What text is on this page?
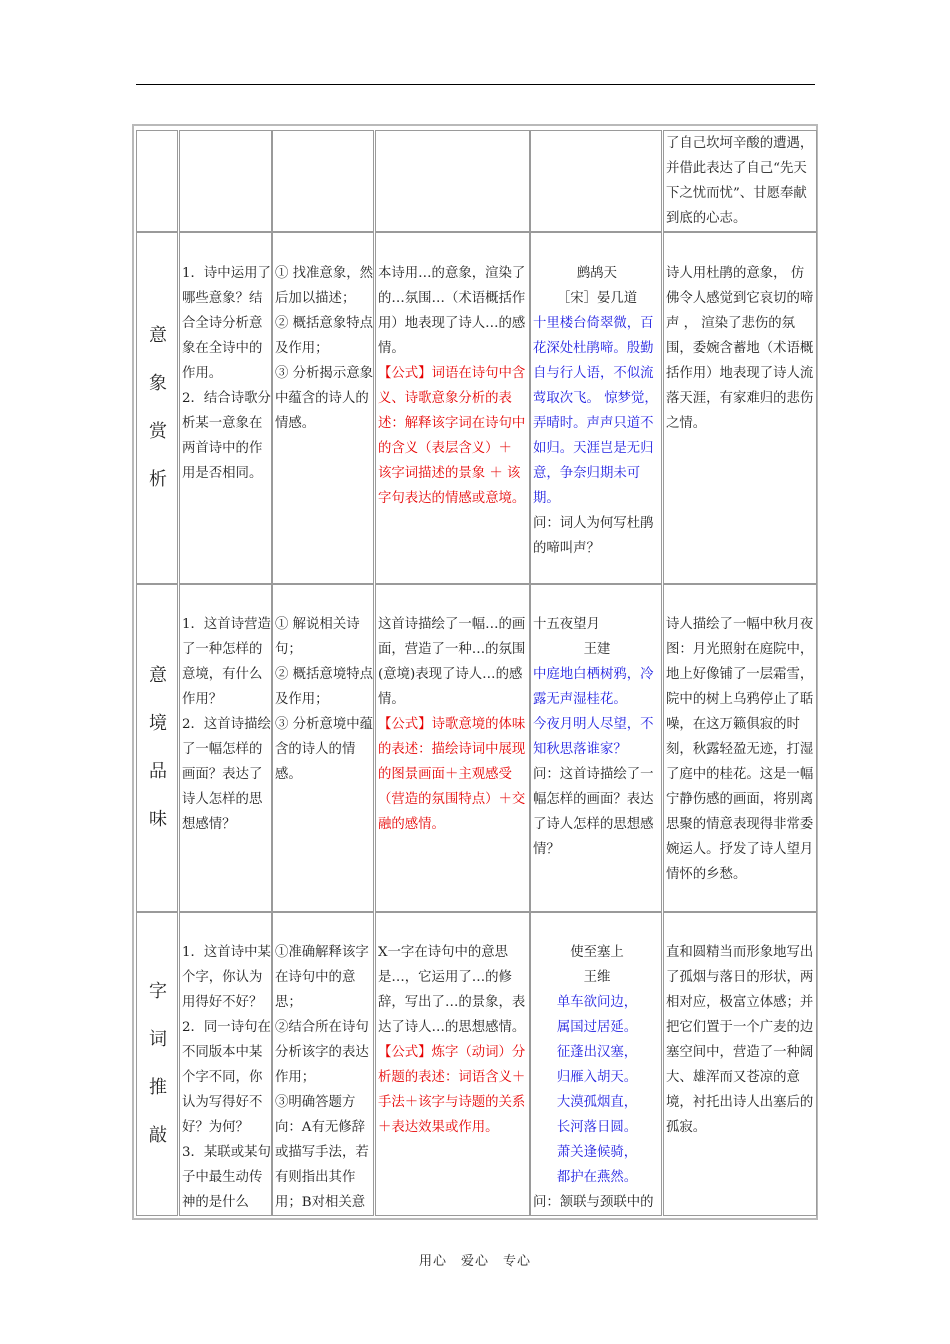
了自己坎坷辛酸的遭遇，并借此表达了自己“先天下之忧而忧”、甘愿奉献到底的心志。

意
象
赏
析

1．诗中运用了哪些意象？结合全诗分析意象在全诗中的作用。

2．结合诗歌分析某一意象在两首诗中的作用是否相同。

① 找准意象，然后加以描述；

② 概括意象特点及作用；

③ 分析揭示意象中蕴含的诗人的情感。

本诗用…的意象，渲染了的…氛围…（术语概括作用）地表现了诗人…的感情。

【公式】词语在诗句中含义、诗歌意象分析的表述：解释该字词在诗句中的含义（表层含义）＋ 该字词描述的景象 ＋ 该字句表达的情感或意境。

鹧鸪天

［宋］晏几道

十里楼台倚翠微，百花深处杜鹃啼。殷勤自与行人语，不似流莺取次飞。 惊梦觉，弄晴时。声声只道不如归。天涯岂是无归意，争奈归期未可期。

问：词人为何写杜鹃的啼叫声？

诗人用杜鹃的意象， 仿佛令人感觉到它哀切的啼声 ， 渲染了悲伤的氛围，委婉含蓄地（术语概括作用）地表现了诗人流落天涯，有家难归的悲伤之情。

意
境
品
味

1．这首诗营造了一种怎样的意境，有什么作用？

2．这首诗描绘了一幅怎样的画面？表达了诗人怎样的思想感情？

① 解说相关诗句；

② 概括意境特点及作用；

③ 分析意境中蕴含的诗人的情感。

这首诗描绘了一幅…的画面，营造了一种…的氛围(意境)表现了诗人…的感情。

【公式】诗歌意境的体味的表述：描绘诗词中展现的图景画面＋主观感受（营造的氛围特点）＋交融的感情。

十五夜望月

王建

中庭地白栖树鸦，冷露无声湿桂花。

今夜月明人尽望，不知秋思落谁家？

问：这首诗描绘了一幅怎样的画面？表达了诗人怎样的思想感情？

诗人描绘了一幅中秋月夜图：月光照射在庭院中，地上好像铺了一层霜雪，院中的树上乌鸦停止了聒噪，在这万籁俱寂的时刻，秋露轻盈无迹，打湿了庭中的桂花。这是一幅宁静伤感的画面，将别离思聚的情意表现得非常委婉运人。抒发了诗人望月情怀的乡愁。

字
词
推
敲

1．这首诗中某个字，你认为用得好不好？

2．同一诗句在不同版本中某个字不同，你认为写得好不好？为何？

3．某联或某句子中最生动传神的是什么

①准确解释该字在诗句中的意思；

②结合所在诗句分析该字的表达作用；

③明确答题方向：A有无修辞或描写手法，若有则指出其作用；B对相关意

X一字在诗句中的意思是…，它运用了…的修辞，写出了…的景象，表达了诗人…的思想感情。

【公式】炼字（动词）分析题的表述：词语含义＋手法＋该字与诗题的关系＋表达效果或作用。

使至塞上

王维

单车欲问边，

属国过居延。

征蓬出汉塞，

归雁入胡天。

大漠孤烟直，

长河落日圆。

萧关逢候骑，

都护在燕然。

问：颔联与颈联中的

直和圆精当而形象地写出了孤烟与落日的形状，两相对应，极富立体感；并把它们置于一个广麦的边塞空间中，营造了一种阔大、雄浑而又苍凉的意境，衬托出诗人出塞后的孤寂。

用心　爱心　专心
